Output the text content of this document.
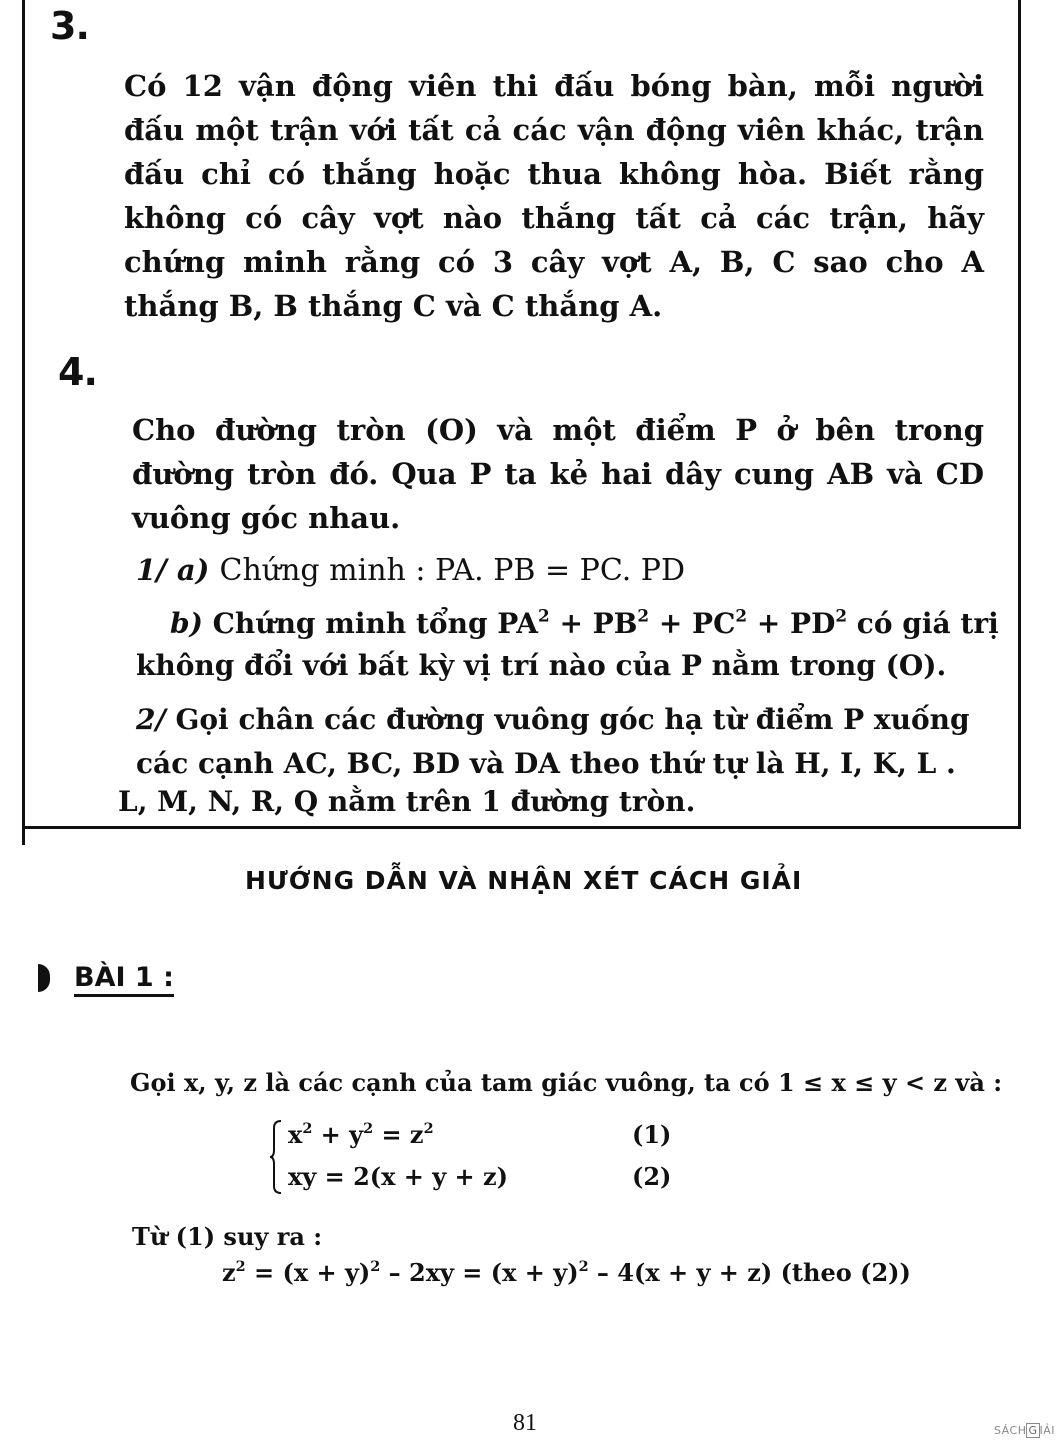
3.
Có 12 vận động viên thi đấu bóng bàn, mỗi người
đấu một trận với tất cả các vận động viên khác, trận
đấu chỉ có thắng hoặc thua không hòa. Biết rằng
không có cây vợt nào thắng tất cả các trận, hãy
chứng minh rằng có 3 cây vợt A, B, C sao cho A
thắng B, B thắng C và C thắng A.
4.
Cho đường tròn (O) và một điểm P ở bên trong
đường tròn đó. Qua P ta kẻ hai dây cung AB và CD
vuông góc nhau.
1/ a) Chứng minh : PA. PB = PC. PD
b) Chứng minh tổng $PA^2 + PB^2 + PC^2 + PD^2$ có giá trị
không đổi với bất kỳ vị trí nào của P nằm trong (O).
2/ Gọi chân các đường vuông góc hạ từ điểm P xuống
các cạnh AC, BC, BD và DA theo thứ tự là H, I, K, L .
L, M, N, R, Q nằm trên 1 đường tròn.
HƯỚNG DẪN VÀ NHẬN XÉT CÁCH GIẢI
BÀI 1 :
Gọi x, y, z là các cạnh của tam giác vuông, ta có 1 ≤ x ≤ y < z và :
$x^2 + y^2 = z^2$	(1)
xy = 2(x + y + z)	(2)
Từ (1) suy ra :
$z^2 = (x + y)^2 - 2xy = (x + y)^2 - 4(x + y + z)$ (theo (2))
81	SÁCH G IẢI
